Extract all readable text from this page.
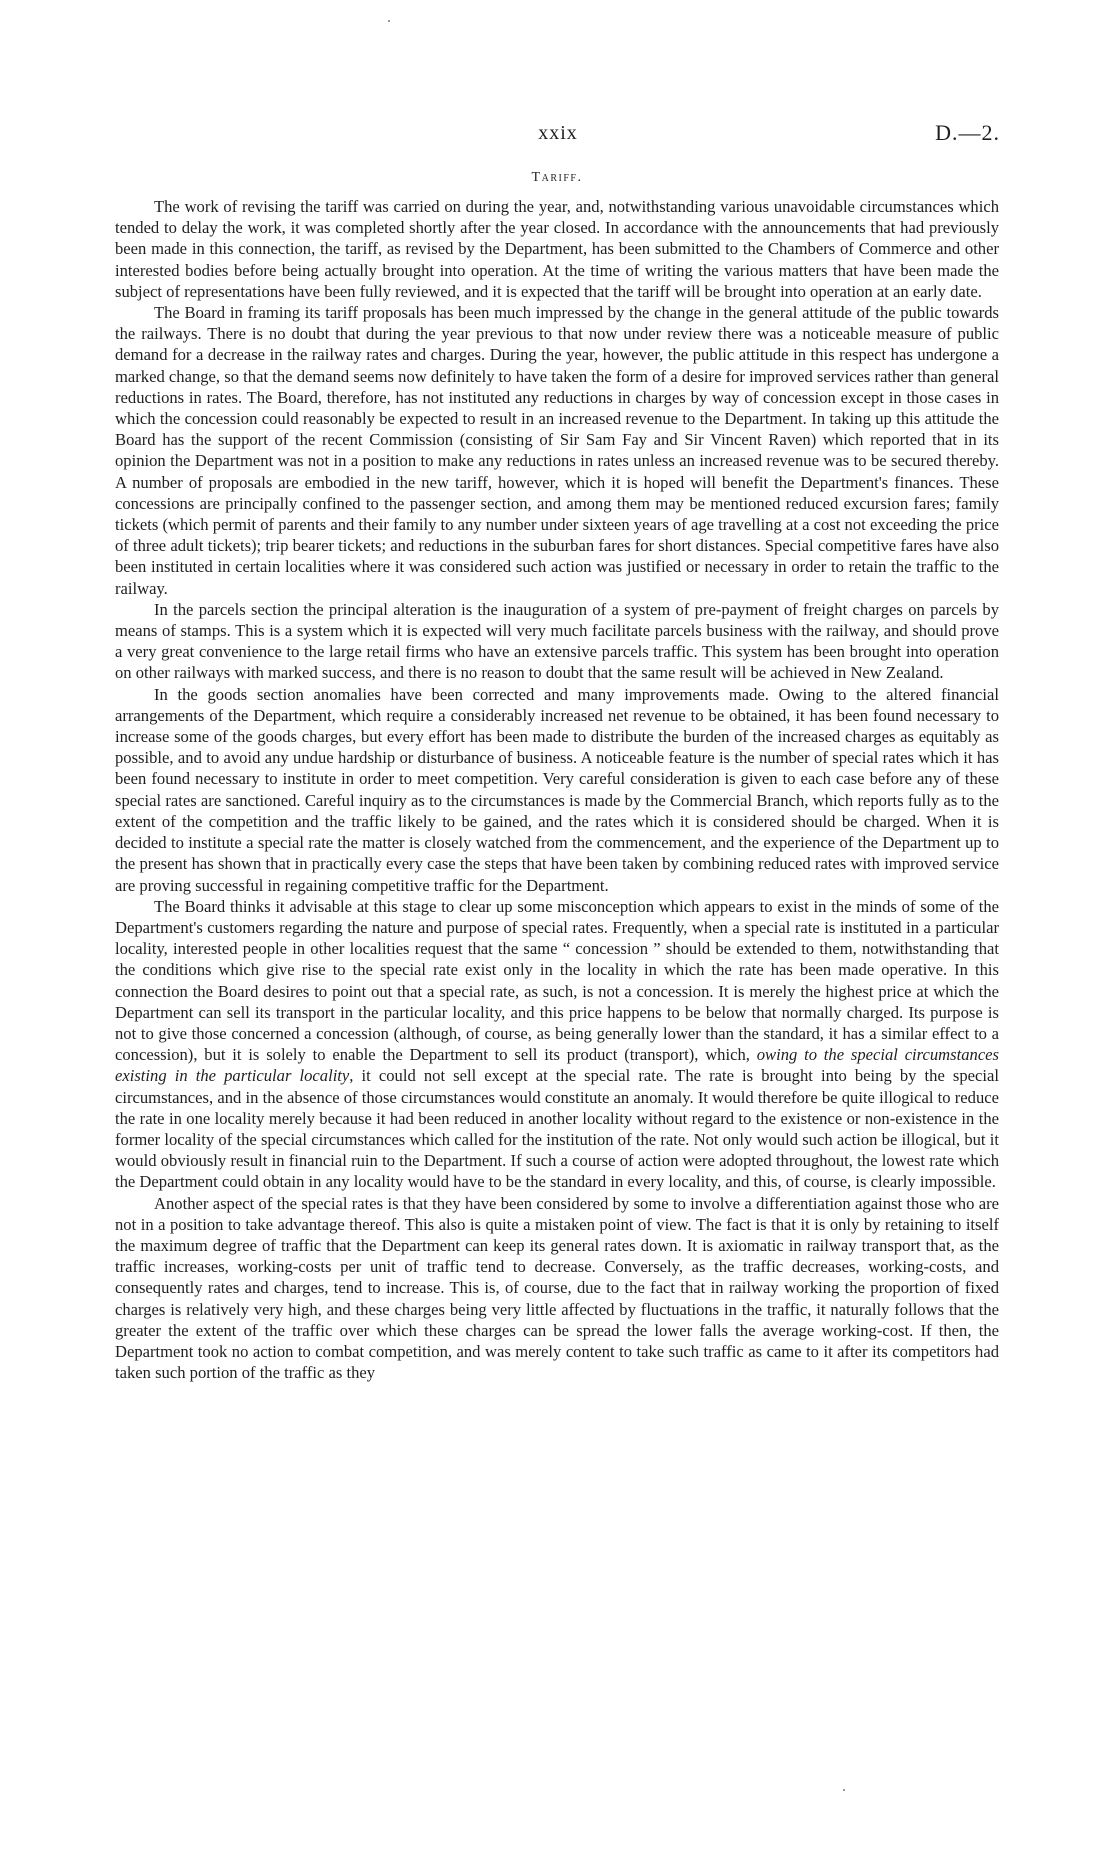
xxix	D.—2.
Tariff.

The work of revising the tariff was carried on during the year, and, notwithstanding various unavoidable circumstances which tended to delay the work, it was completed shortly after the year closed. In accordance with the announcements that had previously been made in this connection, the tariff, as revised by the Department, has been submitted to the Chambers of Commerce and other interested bodies before being actually brought into operation. At the time of writing the various matters that have been made the subject of representations have been fully reviewed, and it is expected that the tariff will be brought into operation at an early date.

The Board in framing its tariff proposals has been much impressed by the change in the general attitude of the public towards the railways. There is no doubt that during the year previous to that now under review there was a noticeable measure of public demand for a decrease in the railway rates and charges. During the year, however, the public attitude in this respect has undergone a marked change, so that the demand seems now definitely to have taken the form of a desire for improved services rather than general reductions in rates. The Board, therefore, has not instituted any reductions in charges by way of concession except in those cases in which the concession could reasonably be expected to result in an increased revenue to the Department. In taking up this attitude the Board has the support of the recent Commission (consisting of Sir Sam Fay and Sir Vincent Raven) which reported that in its opinion the Department was not in a position to make any reductions in rates unless an increased revenue was to be secured thereby. A number of proposals are embodied in the new tariff, however, which it is hoped will benefit the Department's finances. These concessions are principally confined to the passenger section, and among them may be mentioned reduced excursion fares; family tickets (which permit of parents and their family to any number under sixteen years of age travelling at a cost not exceeding the price of three adult tickets); trip bearer tickets; and reductions in the suburban fares for short distances. Special competitive fares have also been instituted in certain localities where it was considered such action was justified or necessary in order to retain the traffic to the railway.

In the parcels section the principal alteration is the inauguration of a system of pre-payment of freight charges on parcels by means of stamps. This is a system which it is expected will very much facilitate parcels business with the railway, and should prove a very great convenience to the large retail firms who have an extensive parcels traffic. This system has been brought into operation on other railways with marked success, and there is no reason to doubt that the same result will be achieved in New Zealand.

In the goods section anomalies have been corrected and many improvements made. Owing to the altered financial arrangements of the Department, which require a considerably increased net revenue to be obtained, it has been found necessary to increase some of the goods charges, but every effort has been made to distribute the burden of the increased charges as equitably as possible, and to avoid any undue hardship or disturbance of business. A noticeable feature is the number of special rates which it has been found necessary to institute in order to meet competition. Very careful consideration is given to each case before any of these special rates are sanctioned. Careful inquiry as to the circumstances is made by the Commercial Branch, which reports fully as to the extent of the competition and the traffic likely to be gained, and the rates which it is considered should be charged. When it is decided to institute a special rate the matter is closely watched from the commencement, and the experience of the Department up to the present has shown that in practically every case the steps that have been taken by combining reduced rates with improved service are proving successful in regaining competitive traffic for the Department.

The Board thinks it advisable at this stage to clear up some misconception which appears to exist in the minds of some of the Department's customers regarding the nature and purpose of special rates. Frequently, when a special rate is instituted in a particular locality, interested people in other localities request that the same “ concession ” should be extended to them, notwithstanding that the conditions which give rise to the special rate exist only in the locality in which the rate has been made operative. In this connection the Board desires to point out that a special rate, as such, is not a concession. It is merely the highest price at which the Department can sell its transport in the particular locality, and this price happens to be below that normally charged. Its purpose is not to give those concerned a concession (although, of course, as being generally lower than the standard, it has a similar effect to a concession), but it is solely to enable the Department to sell its product (transport), which, owing to the special circumstances existing in the particular locality, it could not sell except at the special rate. The rate is brought into being by the special circumstances, and in the absence of those circumstances would constitute an anomaly. It would therefore be quite illogical to reduce the rate in one locality merely because it had been reduced in another locality without regard to the existence or non-existence in the former locality of the special circumstances which called for the institution of the rate. Not only would such action be illogical, but it would obviously result in financial ruin to the Department. If such a course of action were adopted throughout, the lowest rate which the Department could obtain in any locality would have to be the standard in every locality, and this, of course, is clearly impossible.

Another aspect of the special rates is that they have been considered by some to involve a differentiation against those who are not in a position to take advantage thereof. This also is quite a mistaken point of view. The fact is that it is only by retaining to itself the maximum degree of traffic that the Department can keep its general rates down. It is axiomatic in railway transport that, as the traffic increases, working-costs per unit of traffic tend to decrease. Conversely, as the traffic decreases, working-costs, and consequently rates and charges, tend to increase. This is, of course, due to the fact that in railway working the proportion of fixed charges is relatively very high, and these charges being very little affected by fluctuations in the traffic, it naturally follows that the greater the extent of the traffic over which these charges can be spread the lower falls the average working-cost. If then, the Department took no action to combat competition, and was merely content to take such traffic as came to it after its competitors had taken such portion of the traffic as they
